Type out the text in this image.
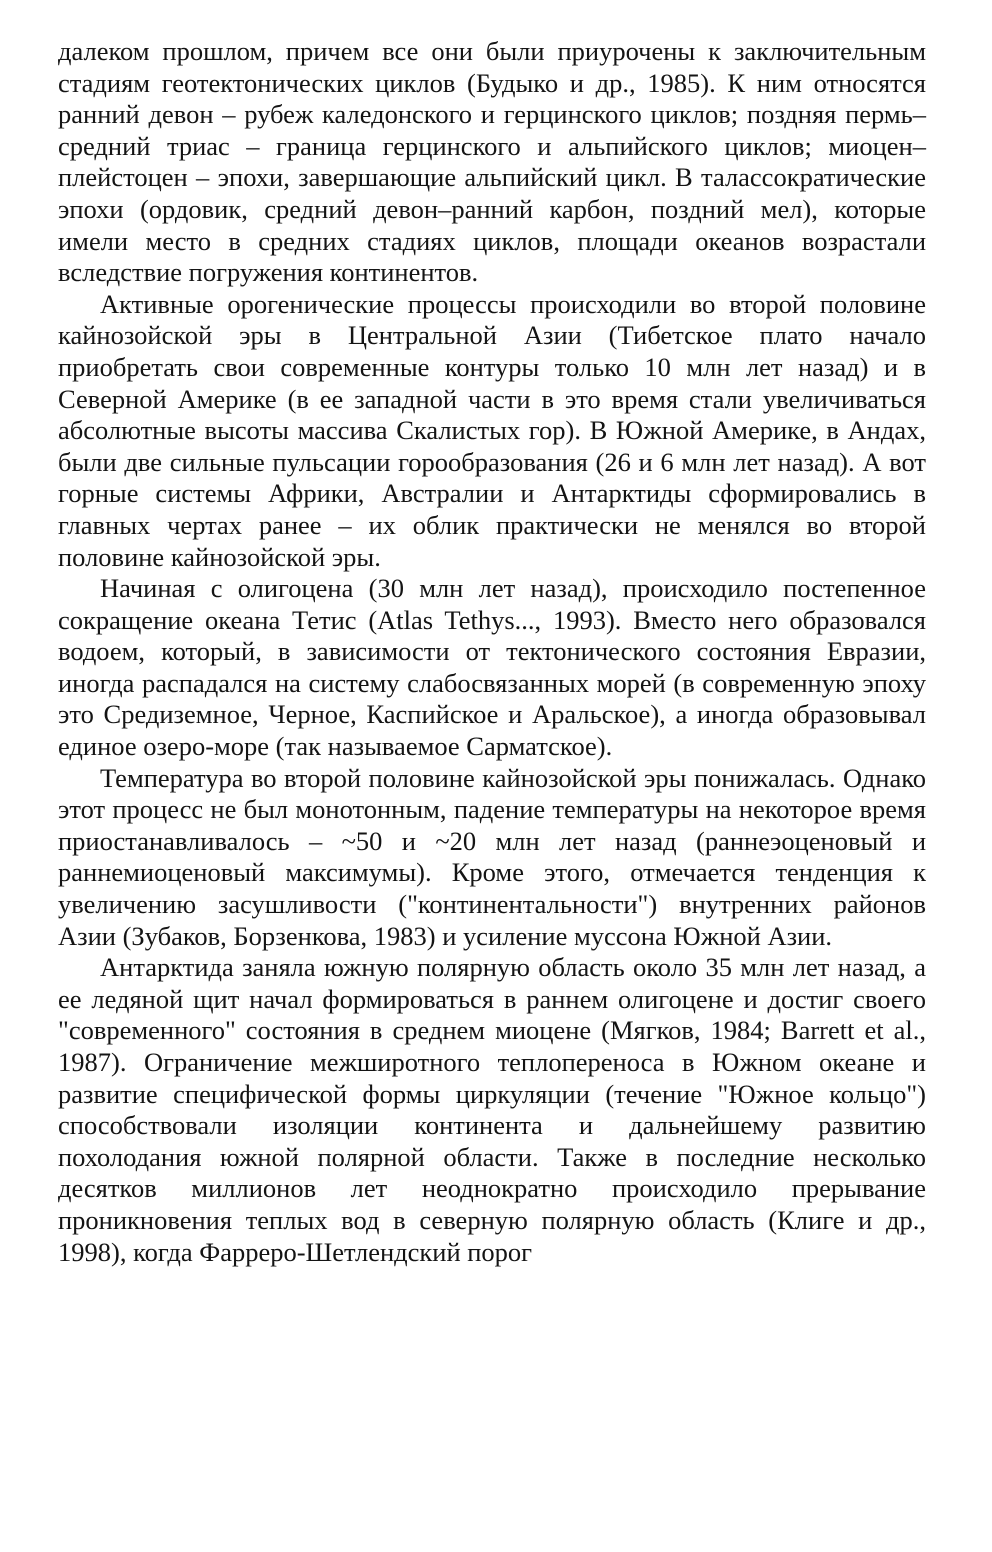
далеком прошлом, причем все они были приурочены к заключительным стадиям геотектонических циклов (Будыко и др., 1985). К ним относятся ранний девон – рубеж каледонского и герцинского циклов; поздняя пермь–средний триас – граница герцинского и альпийского циклов; миоцен–плейстоцен – эпохи, завершающие альпийский цикл. В талассократические эпохи (ордовик, средний девон–ранний карбон, поздний мел), которые имели место в средних стадиях циклов, площади океанов возрастали вследствие погружения континентов.

Активные орогенические процессы происходили во второй половине кайнозойской эры в Центральной Азии (Тибетское плато начало приобретать свои современные контуры только 10 млн лет назад) и в Северной Америке (в ее западной части в это время стали увеличиваться абсолютные высоты массива Скалистых гор). В Южной Америке, в Андах, были две сильные пульсации горообразования (26 и 6 млн лет назад). А вот горные системы Африки, Австралии и Антарктиды сформировались в главных чертах ранее – их облик практически не менялся во второй половине кайнозойской эры.

Начиная с олигоцена (30 млн лет назад), происходило постепенное сокращение океана Тетис (Atlas Tethys..., 1993). Вместо него образовался водоем, который, в зависимости от тектонического состояния Евразии, иногда распадался на систему слабосвязанных морей (в современную эпоху это Средиземное, Черное, Каспийское и Аральское), а иногда образовывал единое озеро-море (так называемое Сарматское).

Температура во второй половине кайнозойской эры понижалась. Однако этот процесс не был монотонным, падение температуры на некоторое время приостанавливалось – ~50 и ~20 млн лет назад (раннеэоценовый и раннемиоценовый максимумы). Кроме этого, отмечается тенденция к увеличению засушливости ("континентальности") внутренних районов Азии (Зубаков, Борзенкова, 1983) и усиление муссона Южной Азии.

Антарктида заняла южную полярную область около 35 млн лет назад, а ее ледяной щит начал формироваться в раннем олигоцене и достиг своего "современного" состояния в среднем миоцене (Мягков, 1984; Barrett et al., 1987). Ограничение межширотного теплопереноса в Южном океане и развитие специфической формы циркуляции (течение "Южное кольцо") способствовали изоляции континента и дальнейшему развитию похолодания южной полярной области. Также в последние несколько десятков миллионов лет неоднократно происходило прерывание проникновения теплых вод в северную полярную область (Клиге и др., 1998), когда Фарреро-Шетлендский порог
